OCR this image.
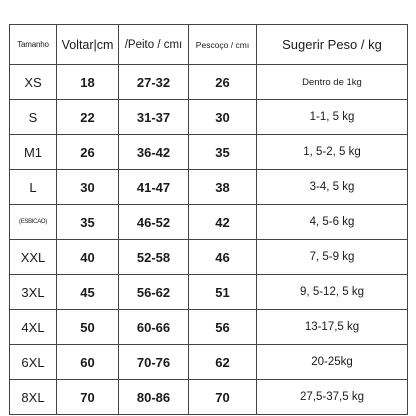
Tamanho	Voltar|cm	/Peito / cmı	Pescoço / cmı	Sugerir Peso / kg
XS	18	27-32	26	Dentro de 1kg
S	22	31-37	30	1-1, 5 kg
M1	26	36-42	35	1, 5-2, 5 kg
L	30	41-47	38	3-4, 5 kg
(ESBICAO)	35	46-52	42	4, 5-6 kg
XXL	40	52-58	46	7, 5-9 kg
3XL	45	56-62	51	9, 5-12, 5 kg
4XL	50	60-66	56	13-17,5 kg
6XL	60	70-76	62	20-25kg
8XL	70	80-86	70	27,5-37,5 kg
